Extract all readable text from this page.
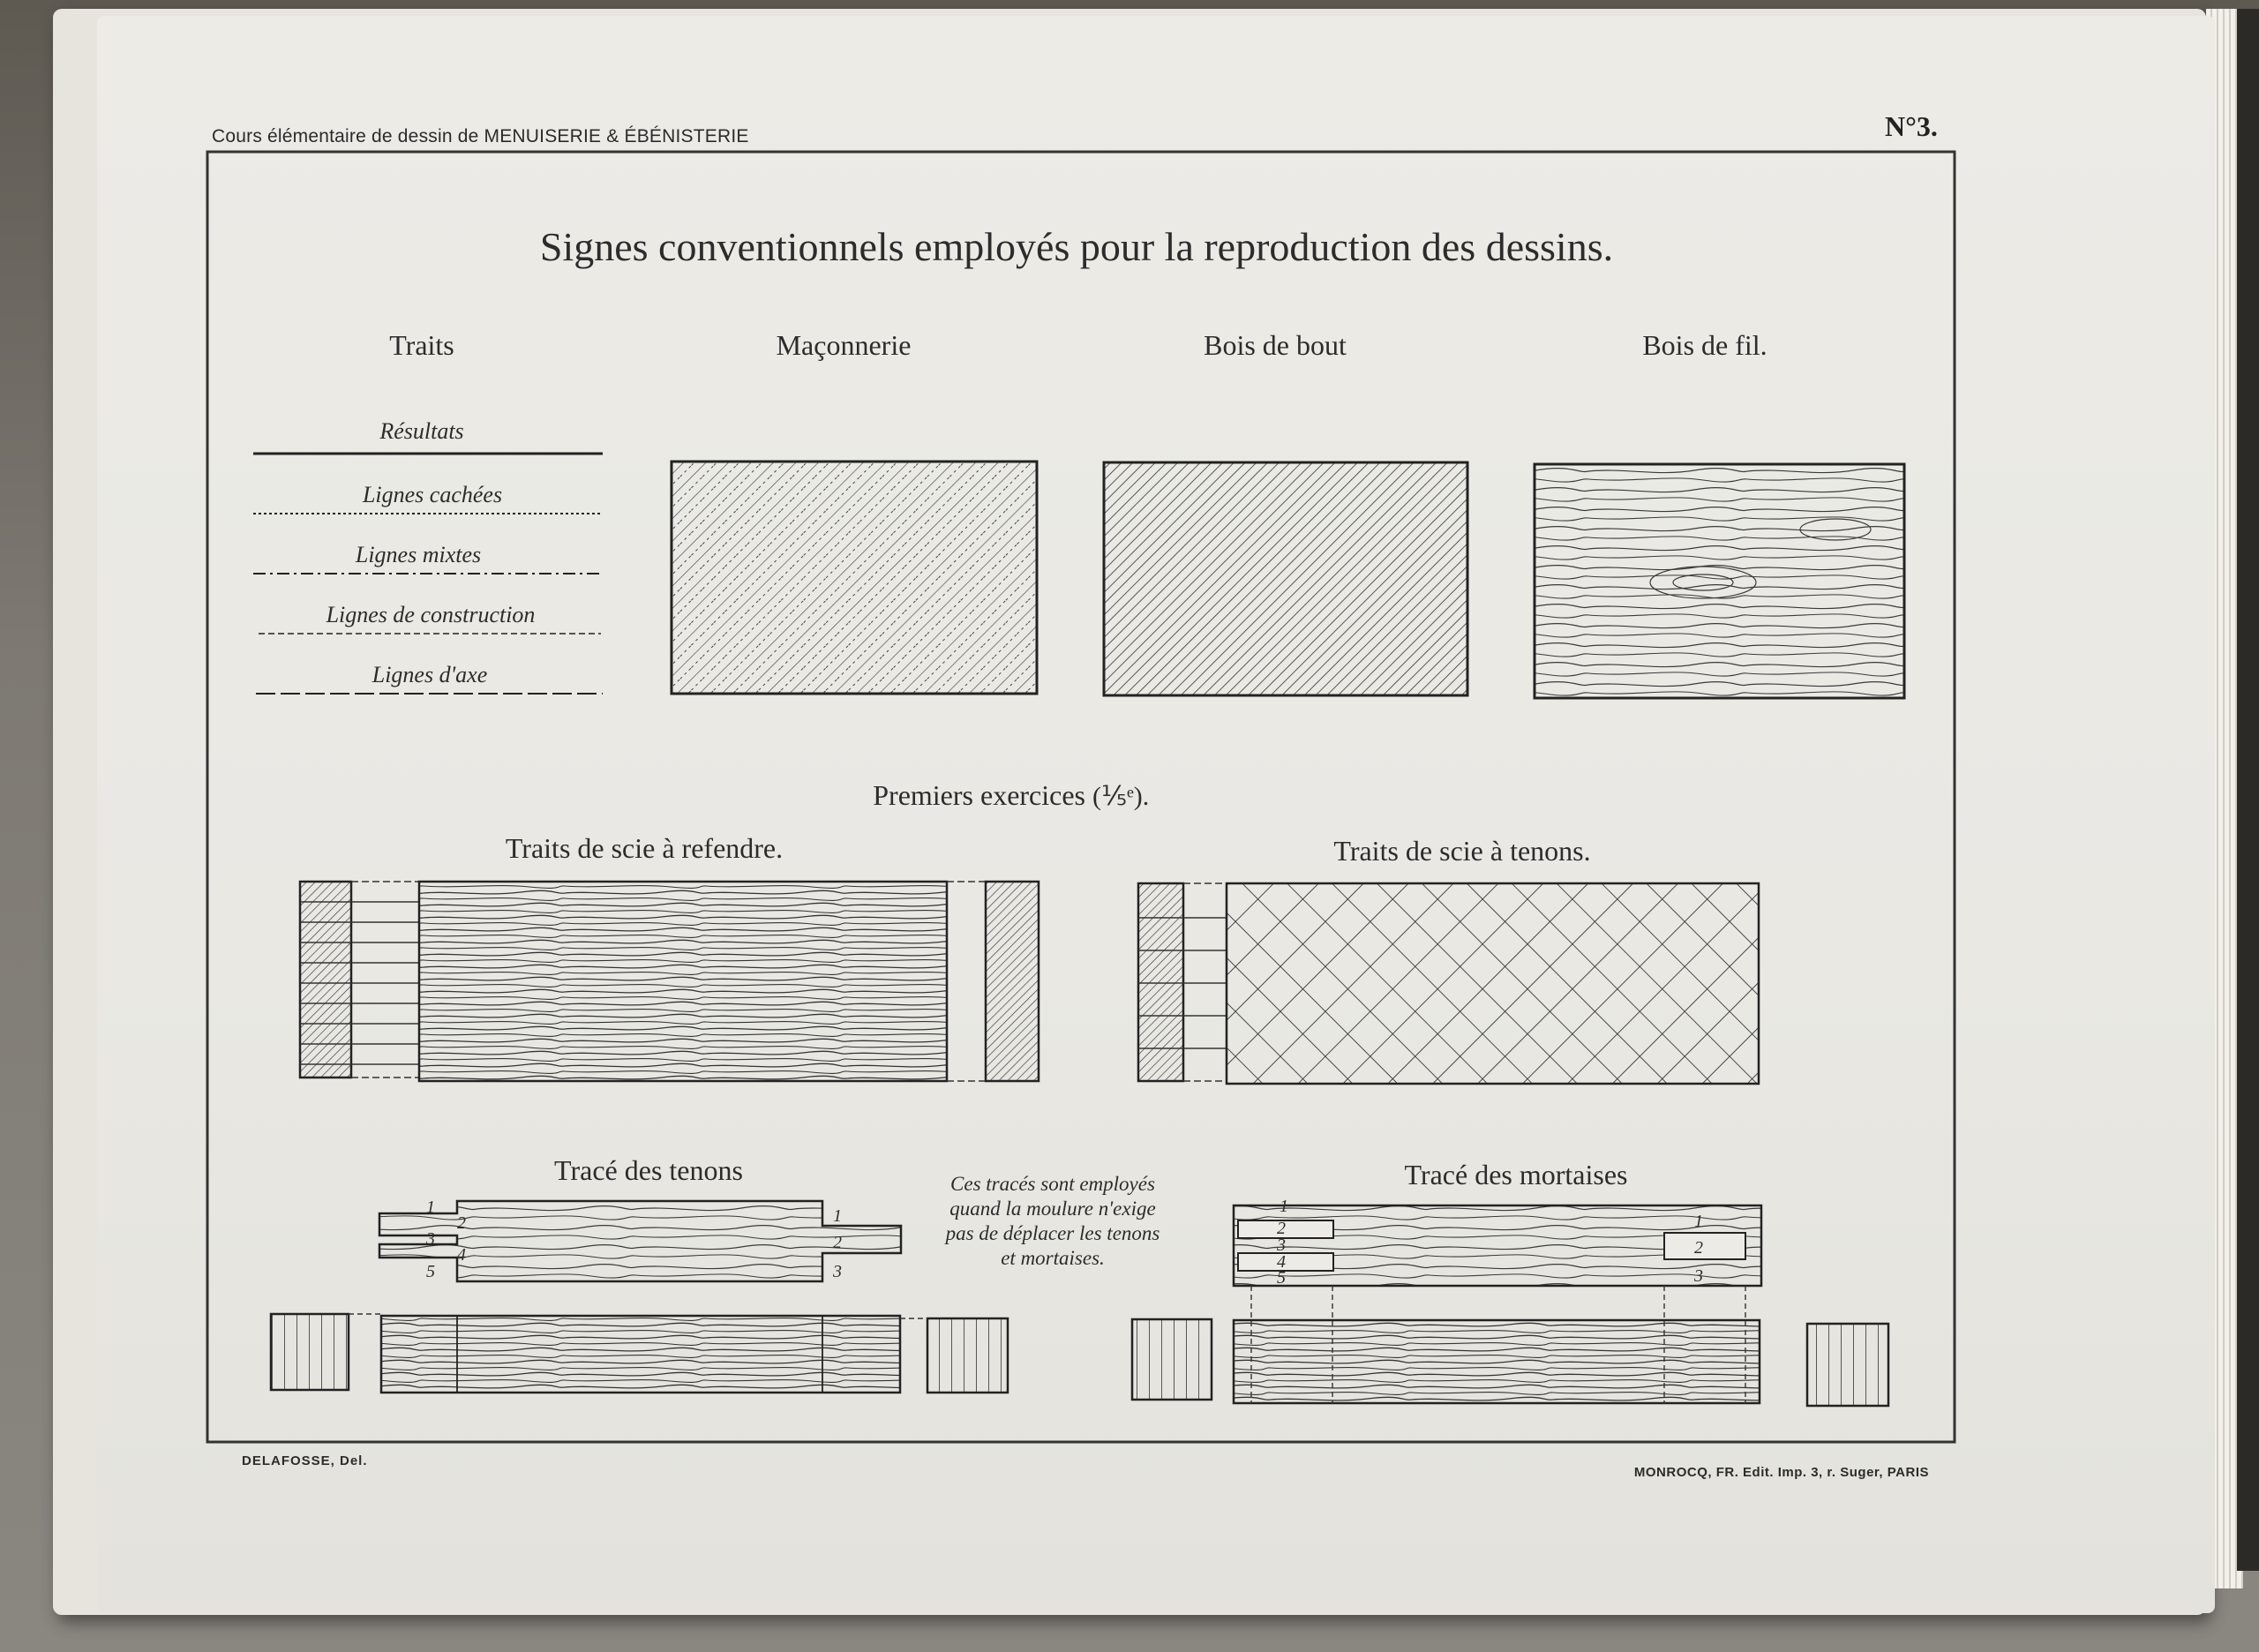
Cours élémentaire de dessin de MENUISERIE & ÉBÉNISTERIE	N°3.
Signes conventionnels employés pour la reproduction des dessins.
Traits	Maçonnerie	Bois de bout	Bois de fil.
Résultats
Lignes cachées
Lignes mixtes
Lignes de construction
Lignes d'axe
Premiers exercices (⅕ᵉ).
Traits de scie à refendre.	Traits de scie à tenons.
Tracé des tenons	Tracé des mortaises
Ces tracés sont employés
quand la moulure n'exige
pas de déplacer les tenons
et mortaises.
1
2
3
4
5
1
2
3
1
2
3
4
5
1
2
3
DELAFOSSE, Del.
MONROCQ, FR. Edit. Imp. 3, r. Suger, PARIS
